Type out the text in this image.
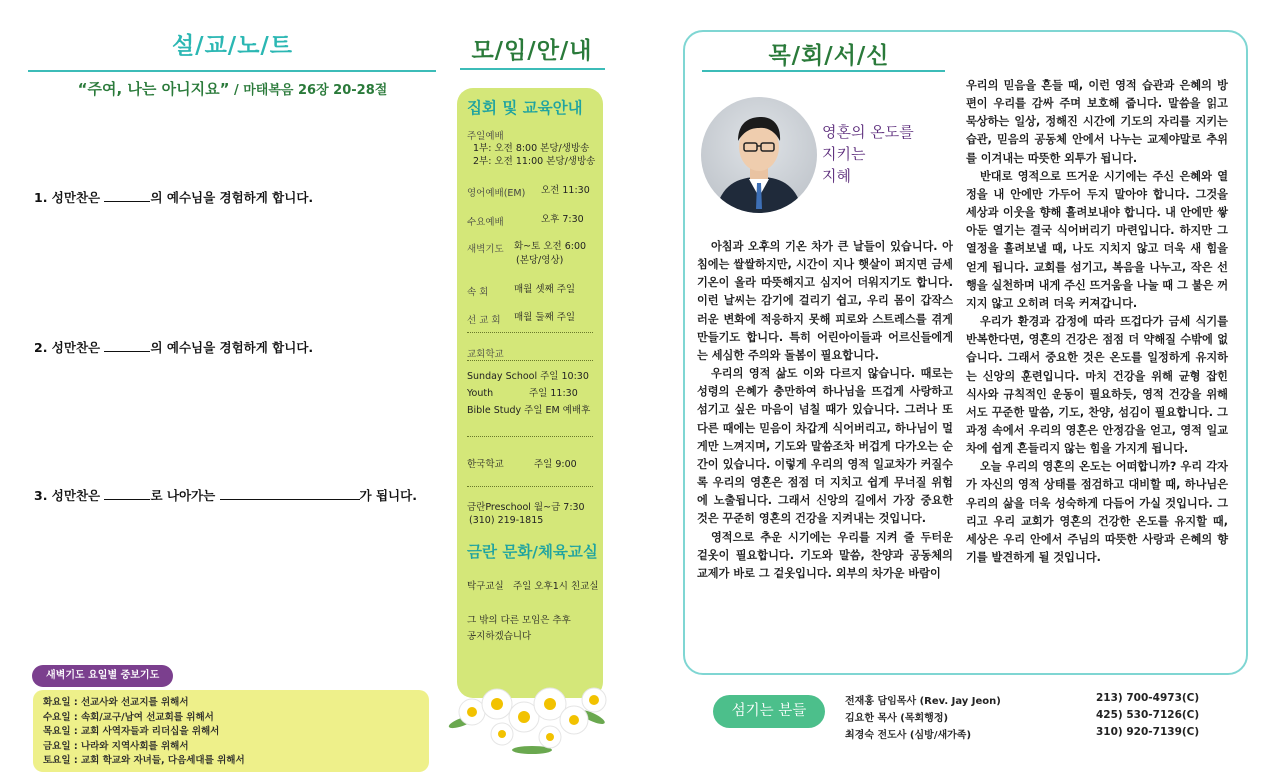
설/교/노/트
“주여, 나는 아니지요” / 마태복음 26장 20-28절
1. 성만찬은	의 예수님을 경험하게 합니다.
2. 성만찬은	의 예수님을 경험하게 합니다.
3. 성만찬은	로 나아가는	가 됩니다.
새벽기도 요일별 중보기도
화요일 : 선교사와 선교지를 위해서
수요일 : 속회/교구/남여 선교회를 위해서
목요일 : 교회 사역자들과 리더십을 위해서
금요일 : 나라와 지역사회를 위해서
토요일 : 교회 학교와 자녀들, 다음세대를 위해서
모/임/안/내
집회 및 교육안내
주일예배
1부: 오전 8:00 본당/생방송
2부: 오전 11:00 본당/생방송
영어예배(EM) 오전 11:30
수요예배	오후 7:30
새벽기도 화~토 오전 6:00
(본당/영상)
속 회	매월 셋째 주일
선 교 회 매월 둘째 주일
교회학교
Sunday School 주일 10:30
Youth	주일 11:30
Bible Study 주일 EM 예배후
한국학교	주일 9:00
금란Preschool 월~금 7:30
(310) 219-1815
금란 문화/체육교실
탁구교실 주일 오후1시 친교실
그 밖의 다른 모임은 추후
공지하겠습니다
목/회/서/신
영혼의 온도를
지키는
지혜

아침과 오후의 기온 차가 큰 날들이 있습니다. 아침에는 쌀쌀하지만, 시간이 지나 햇살이 퍼지면 금세 기온이 올라 따뜻해지고 심지어 더워지기도 합니다. 이런 날씨는 감기에 걸리기 쉽고, 우리 몸이 갑작스러운 변화에 적응하지 못해 피로와 스트레스를 겪게 만들기도 합니다. 특히 어린아이들과 어르신들에게는 세심한 주의와 돌봄이 필요합니다.

우리의 영적 삶도 이와 다르지 않습니다. 때로는 성령의 은혜가 충만하여 하나님을 뜨겁게 사랑하고 섬기고 싶은 마음이 넘칠 때가 있습니다. 그러나 또 다른 때에는 믿음이 차갑게 식어버리고, 하나님이 멀게만 느껴지며, 기도와 말씀조차 버겁게 다가오는 순간이 있습니다. 이렇게 우리의 영적 일교차가 커질수록 우리의 영혼은 점점 더 지치고 쉽게 무너질 위험에 노출됩니다. 그래서 신앙의 길에서 가장 중요한 것은 꾸준히 영혼의 건강을 지켜내는 것입니다.

영적으로 추운 시기에는 우리를 지켜 줄 두터운 겉옷이 필요합니다. 기도와 말씀, 찬양과 공동체의 교제가 바로 그 겉옷입니다. 외부의 차가운 바람이

우리의 믿음을 흔들 때, 이런 영적 습관과 은혜의 방편이 우리를 감싸 주며 보호해 줍니다. 말씀을 읽고 묵상하는 일상, 정해진 시간에 기도의 자리를 지키는 습관, 믿음의 공동체 안에서 나누는 교제야말로 추위를 이겨내는 따뜻한 외투가 됩니다.

반대로 영적으로 뜨거운 시기에는 주신 은혜와 열정을 내 안에만 가두어 두지 말아야 합니다. 그것을 세상과 이웃을 향해 흘려보내야 합니다. 내 안에만 쌓아둔 열기는 결국 식어버리기 마련입니다. 하지만 그 열정을 흘려보낼 때, 나도 지치지 않고 더욱 새 힘을 얻게 됩니다. 교회를 섬기고, 복음을 나누고, 작은 선행을 실천하며 내게 주신 뜨거움을 나눌 때 그 불은 꺼지지 않고 오히려 더욱 커져갑니다.

우리가 환경과 감정에 따라 뜨겁다가 금세 식기를 반복한다면, 영혼의 건강은 점점 더 약해질 수밖에 없습니다. 그래서 중요한 것은 온도를 일정하게 유지하는 신앙의 훈련입니다. 마치 건강을 위해 균형 잡힌 식사와 규칙적인 운동이 필요하듯, 영적 건강을 위해서도 꾸준한 말씀, 기도, 찬양, 섬김이 필요합니다. 그 과정 속에서 우리의 영혼은 안정감을 얻고, 영적 일교차에 쉽게 흔들리지 않는 힘을 가지게 됩니다.

오늘 우리의 영혼의 온도는 어떠합니까? 우리 각자가 자신의 영적 상태를 점검하고 대비할 때, 하나님은 우리의 삶을 더욱 성숙하게 다듬어 가실 것입니다. 그리고 우리 교회가 영혼의 건강한 온도를 유지할 때, 세상은 우리 안에서 주님의 따뜻한 사랑과 은혜의 향기를 발견하게 될 것입니다.

섬기는 분들
전재홍 담임목사 (Rev. Jay Jeon)	213) 700-4973(C)
김요한 목사 (목회행정)	425) 530-7126(C)
최경숙 전도사 (심방/새가족)	310) 920-7139(C)
